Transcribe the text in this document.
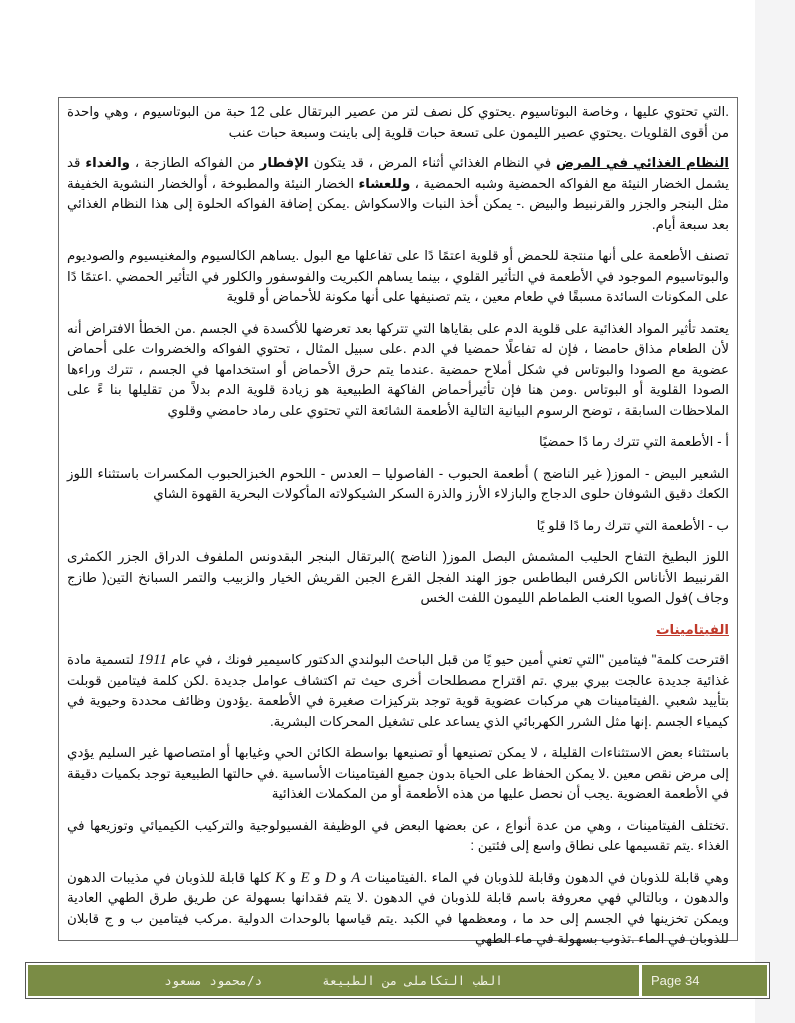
.التي تحتوي عليها ، وخاصة البوتاسيوم .يحتوي كل نصف لتر من عصير البرتقال على 12 حبة من البوتاسيوم ، وهي واحدة من أقوى القلويات .يحتوي عصير الليمون على تسعة حبات قلوية إلى باينت وسبعة حبات عنب

النظام الغذائي في المرض في النظام الغذائي أثناء المرض ، قد يتكون الإفطار من الفواكه الطازجة ، والغداء قد يشمل الخضار النيئة مع الفواكه الحمضية وشبه الحمضية ، وللعشاء الخضار النيئة والمطبوخة ، أوالخضار النشوية الخفيفة مثل البنجر والجزر والقرنبيط والبيض .- يمكن أخذ النبات والاسكواش .يمكن إضافة الفواكه الحلوة إلى هذا النظام الغذائي بعد سبعة أيام.

تصنف الأطعمة على أنها منتجة للحمض أو قلوية اعتمًا دًا على تفاعلها مع البول .يساهم الكالسيوم والمغنيسيوم والصوديوم والبوتاسيوم الموجود في الأطعمة في التأثير القلوي ، بينما يساهم الكبريت والفوسفور والكلور في التأثير الحمضي .اعتمًا دًا على المكونات السائدة مسبقًا في طعام معين ، يتم تصنيفها على أنها مكونة للأحماض أو قلوية

يعتمد تأثير المواد الغذائية على قلوية الدم على بقاياها التي تتركها بعد تعرضها للأكسدة في الجسم .من الخطأ الافتراض أنه لأن الطعام مذاق حامضا ، فإن له تفاعلًا حمضيا في الدم .على سبيل المثال ، تحتوي الفواكه والخضروات على أحماض عضوية مع الصودا والبوتاس في شكل أملاح حمضية .عندما يتم حرق الأحماض أو استخدامها في الجسم ، تترك وراءها الصودا القلوية أو البوتاس .ومن هنا فإن تأثيرأحماض الفاكهة الطبيعية هو زيادة قلوية الدم بدلاً من تقليلها بنا ءً على الملاحظات السابقة ، توضح الرسوم البيانية التالية الأطعمة الشائعة التي تحتوي على رماد حامضي وقلوي

أ - الأطعمة التي تترك رما دًا حمضيًا

الشعير البيض - الموز( غير الناضج ) أطعمة الحبوب - الفاصوليا – العدس - اللحوم الخبزالحبوب المكسرات باستثناء اللوز الكعك دقيق الشوفان حلوى الدجاج والبازلاء الأرز والذرة السكر الشيكولاته المأكولات البحرية القهوة الشاي

ب - الأطعمة التي تترك رما دًا قلو يًا

اللوز البطيخ التفاح الحليب المشمش البصل الموز( الناضج )البرتقال البنجر البقدونس الملفوف الدراق الجزر الكمثرى القرنبيط الأناناس الكرفس البطاطس جوز الهند الفجل القرع الجبن القريش الخيار والزبيب والتمر السبانخ التين( طازج وجاف )فول الصويا العنب الطماطم الليمون اللفت الخس

الفيتامينات

اقترحت كلمة" فيتامين "التي تعني أمين حيو يًا من قبل الباحث البولندي الدكتور كاسيمير فونك ، في عام 1911 لتسمية مادة غذائية جديدة عالجت بيري بيري .تم اقتراح مصطلحات أخرى حيث تم اكتشاف عوامل جديدة .لكن كلمة فيتامين قوبلت بتأييد شعبي .الفيتامينات هي مركبات عضوية قوية توجد بتركيزات صغيرة في الأطعمة .يؤدون وظائف محددة وحيوية في كيمياء الجسم .إنها مثل الشرر الكهربائي الذي يساعد على تشغيل المحركات البشرية.

باستثناء بعض الاستثناءات القليلة ، لا يمكن تصنيعها أو تصنيعها بواسطة الكائن الحي وغيابها أو امتصاصها غير السليم يؤدي إلى مرض نقص معين .لا يمكن الحفاظ على الحياة بدون جميع الفيتامينات الأساسية .في حالتها الطبيعية توجد بكميات دقيقة في الأطعمة العضوية .يجب أن نحصل عليها من هذه الأطعمة أو من المكملات الغذائية

.تختلف الفيتامينات ، وهي من عدة أنواع ، عن بعضها البعض في الوظيفة الفسيولوجية والتركيب الكيميائي وتوزيعها في الغذاء .يتم تقسيمها على نطاق واسع إلى فئتين :

وهي قابلة للذوبان في الدهون وقابلة للذوبان في الماء .الفيتامينات A و D و E و K كلها قابلة للذوبان في مذيبات الدهون والدهون ، وبالتالي فهي معروفة باسم قابلة للذوبان في الدهون .لا يتم فقدانها بسهولة عن طريق طرق الطهي العادية ويمكن تخزينها في الجسم إلى حد ما ، ومعظمها في الكبد .يتم قياسها بالوحدات الدولية .مركب فيتامين ب و ج قابلان للذوبان في الماء .تذوب بسهولة في ماء الطهي

الطب التكاملى من الطبيعة
د/محمود مسعود	Page 34
